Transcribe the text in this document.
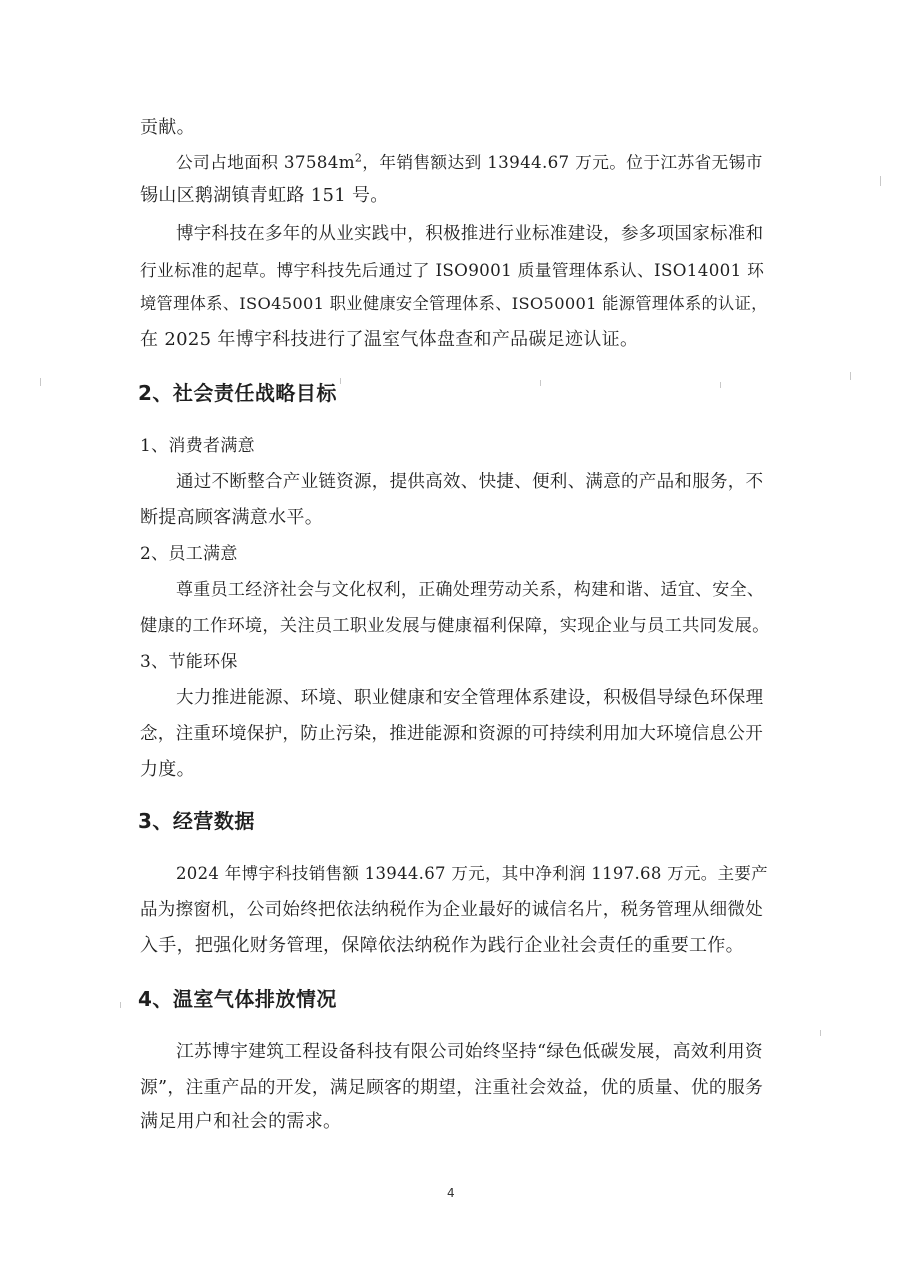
贡献。
公司占地面积 $37584m^2$，年销售额达到 13944.67 万元。位于江苏省无锡市
锡山区鹅湖镇青虹路 151 号。
博宇科技在多年的从业实践中，积极推进行业标准建设，参多项国家标准和
行业标准的起草。博宇科技先后通过了 ISO9001 质量管理体系认、ISO14001 环
境管理体系、ISO45001 职业健康安全管理体系、ISO50001 能源管理体系的认证，
在 2025 年博宇科技进行了温室气体盘查和产品碳足迹认证。
2、社会责任战略目标
1、消费者满意
通过不断整合产业链资源，提供高效、快捷、便利、满意的产品和服务，不
断提高顾客满意水平。
2、员工满意
尊重员工经济社会与文化权利，正确处理劳动关系，构建和谐、适宜、安全、
健康的工作环境，关注员工职业发展与健康福利保障，实现企业与员工共同发展。
3、节能环保
大力推进能源、环境、职业健康和安全管理体系建设，积极倡导绿色环保理
念，注重环境保护，防止污染，推进能源和资源的可持续利用加大环境信息公开
力度。
3、经营数据
2024 年博宇科技销售额 13944.67 万元，其中净利润 1197.68 万元。主要产
品为擦窗机，公司始终把依法纳税作为企业最好的诚信名片，税务管理从细微处
入手，把强化财务管理，保障依法纳税作为践行企业社会责任的重要工作。
4、温室气体排放情况
江苏博宇建筑工程设备科技有限公司始终坚持“绿色低碳发展，高效利用资
源”，注重产品的开发，满足顾客的期望，注重社会效益，优的质量、优的服务
满足用户和社会的需求。
4
